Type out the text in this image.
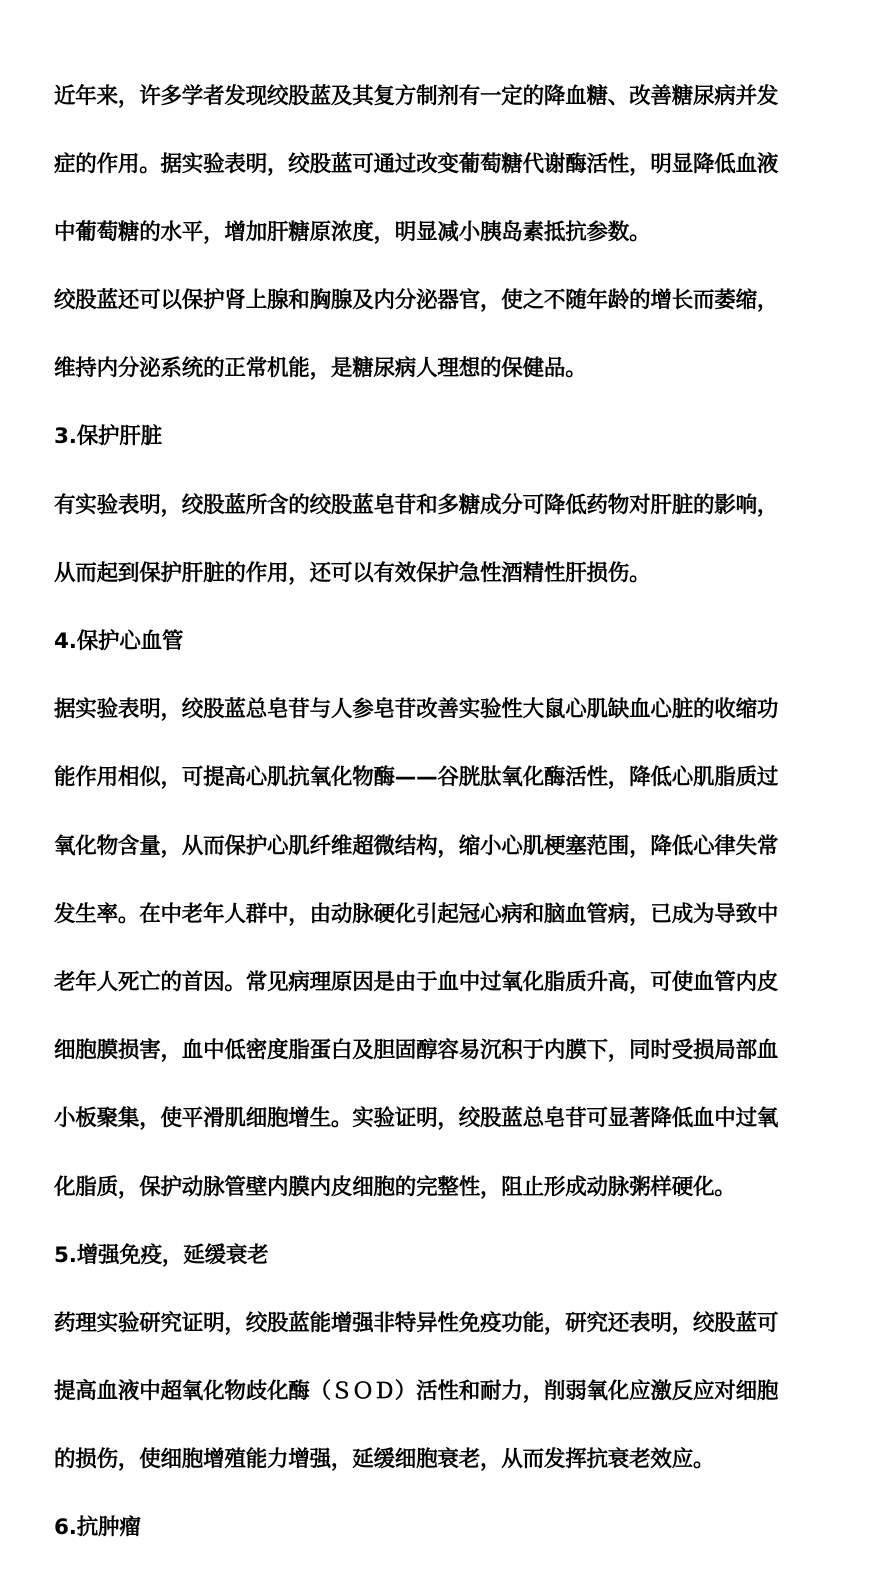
近年来，许多学者发现绞股蓝及其复方制剂有一定的降血糖、改善糖尿病并发

症的作用。据实验表明，绞股蓝可通过改变葡萄糖代谢酶活性，明显降低血液

中葡萄糖的水平，增加肝糖原浓度，明显减小胰岛素抵抗参数。

绞股蓝还可以保护肾上腺和胸腺及内分泌器官，使之不随年龄的增长而萎缩，

维持内分泌系统的正常机能，是糖尿病人理想的保健品。

3.保护肝脏

有实验表明，绞股蓝所含的绞股蓝皂苷和多糖成分可降低药物对肝脏的影响，

从而起到保护肝脏的作用，还可以有效保护急性酒精性肝损伤。

4.保护心血管

据实验表明，绞股蓝总皂苷与人参皂苷改善实验性大鼠心肌缺血心脏的收缩功

能作用相似，可提高心肌抗氧化物酶——谷胱肽氧化酶活性，降低心肌脂质过

氧化物含量，从而保护心肌纤维超微结构，缩小心肌梗塞范围，降低心律失常

发生率。在中老年人群中，由动脉硬化引起冠心病和脑血管病，已成为导致中

老年人死亡的首因。常见病理原因是由于血中过氧化脂质升高，可使血管内皮

细胞膜损害，血中低密度脂蛋白及胆固醇容易沉积于内膜下，同时受损局部血

小板聚集，使平滑肌细胞增生。实验证明，绞股蓝总皂苷可显著降低血中过氧

化脂质，保护动脉管壁内膜内皮细胞的完整性，阻止形成动脉粥样硬化。

5.增强免疫，延缓衰老

药理实验研究证明，绞股蓝能增强非特异性免疫功能，研究还表明，绞股蓝可

提高血液中超氧化物歧化酶（ＳＯＤ）活性和耐力，削弱氧化应激反应对细胞

的损伤，使细胞增殖能力增强，延缓细胞衰老，从而发挥抗衰老效应。

6.抗肿瘤
